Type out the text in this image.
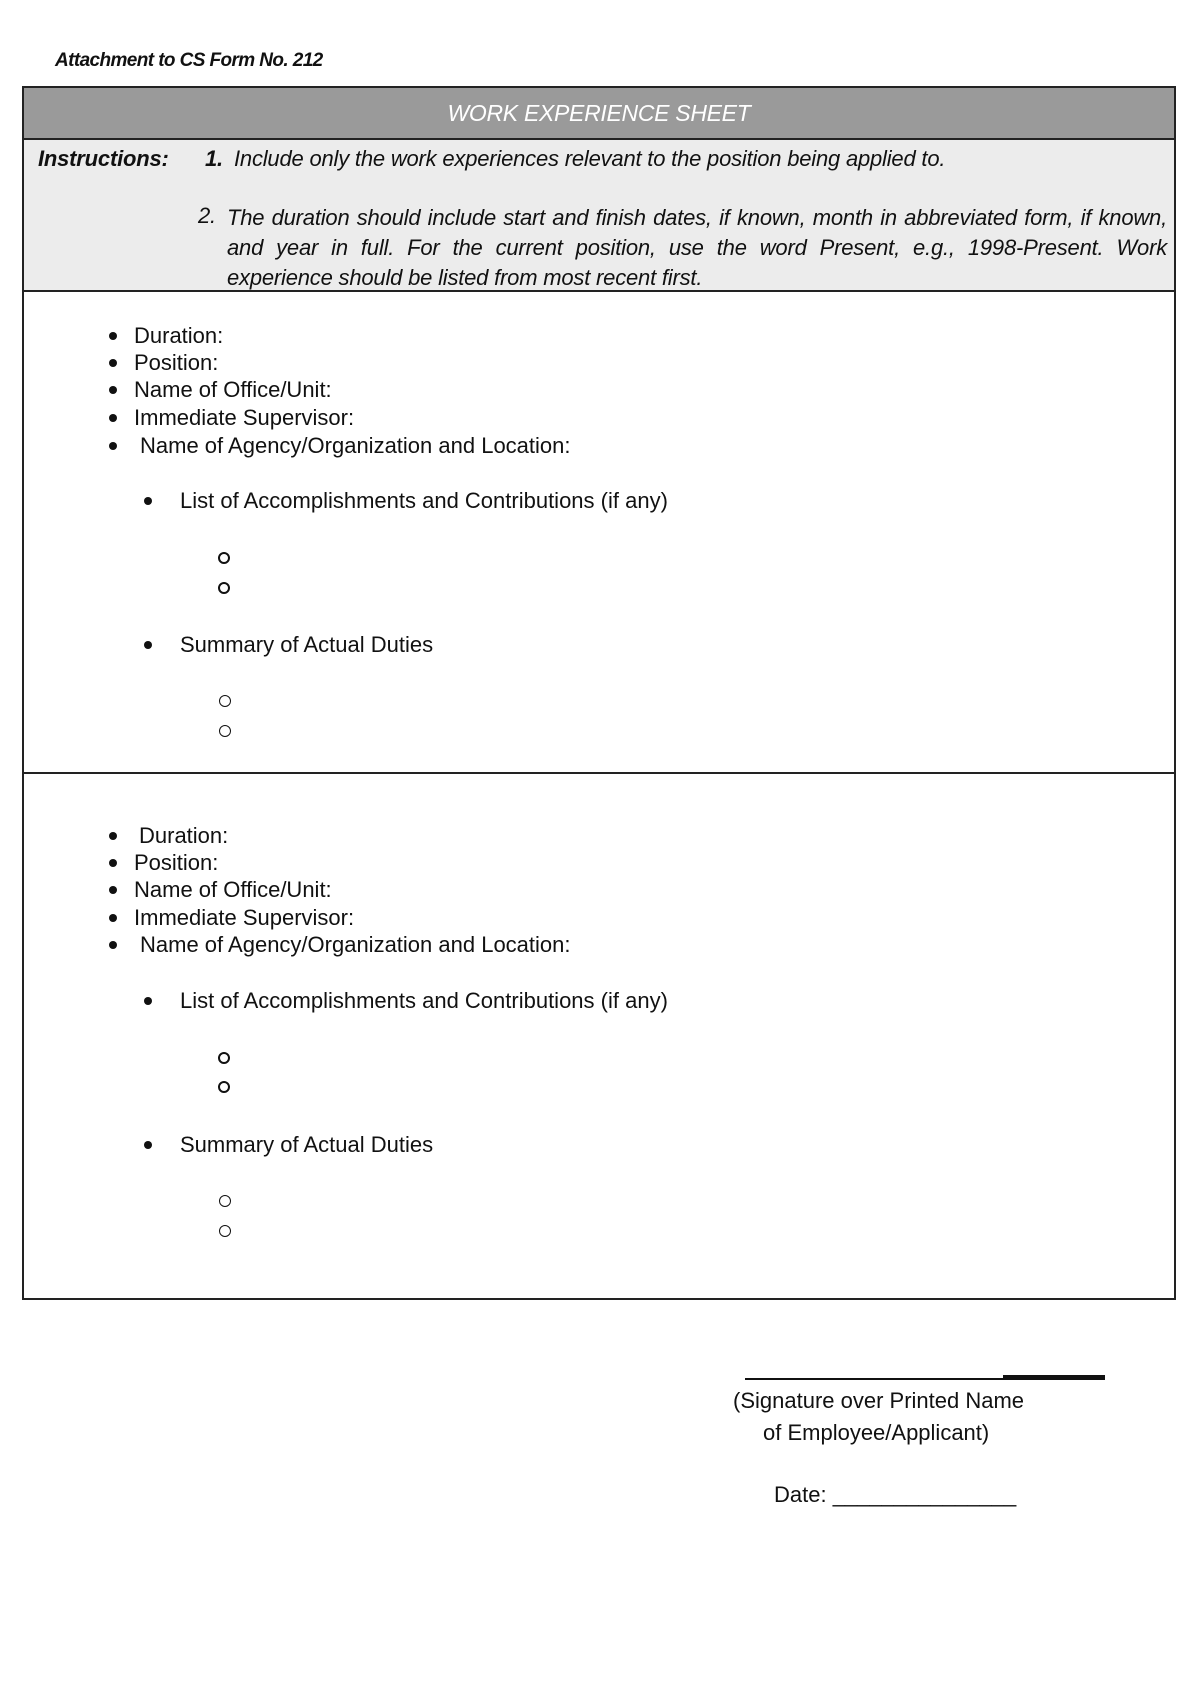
Attachment to CS Form No. 212
WORK EXPERIENCE SHEET
Instructions: 1. Include only the work experiences relevant to the position being applied to.
2. The duration should include start and finish dates, if known, month in abbreviated form, if known, and year in full. For the current position, use the word Present, e.g., 1998-Present. Work experience should be listed from most recent first.
Duration:
Position:
Name of Office/Unit:
Immediate Supervisor:
Name of Agency/Organization and Location:
List of Accomplishments and Contributions (if any)
Summary of Actual Duties
Duration:
Position:
Name of Office/Unit:
Immediate Supervisor:
Name of Agency/Organization and Location:
List of Accomplishments and Contributions (if any)
Summary of Actual Duties
(Signature over Printed Name
of Employee/Applicant)
Date: _______________
